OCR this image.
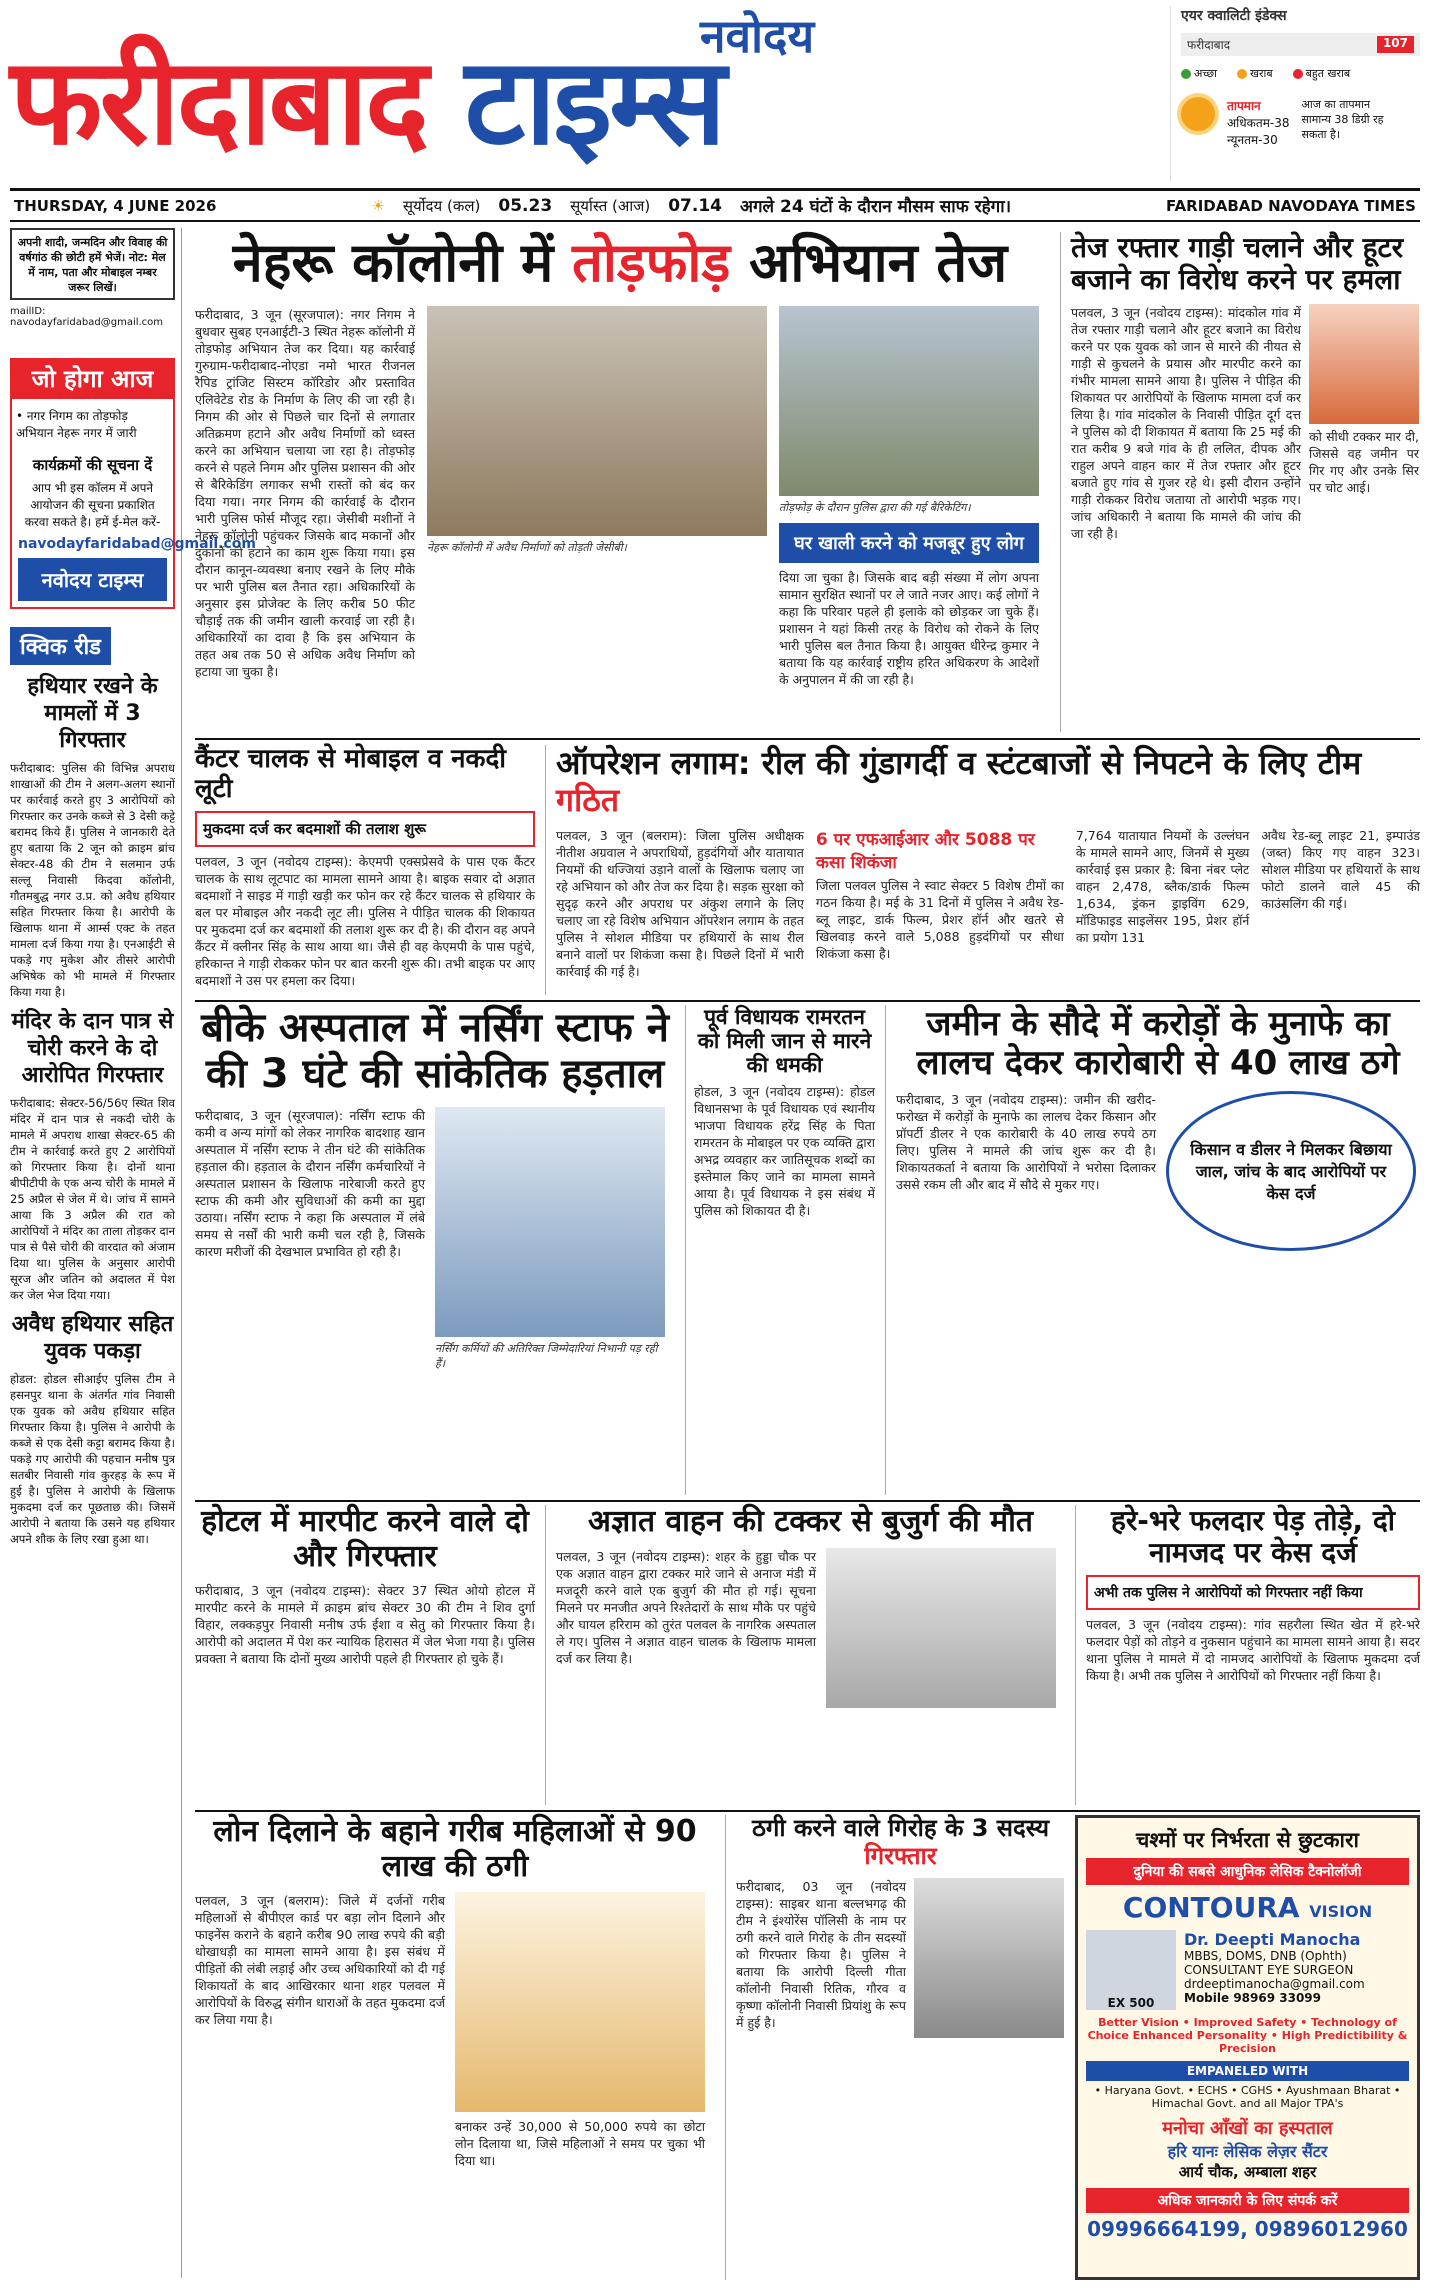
नवोदय
फरीदाबाद टाइम्स
एयर क्वालिटी इंडेक्स
फरीदाबाद	107
अच्छा	खराब	बहुत खराब
तापमान
अधिकतम-38
न्यूनतम-30
आज का तापमान सामान्य 38 डिग्री रह सकता है।
THURSDAY, 4 JUNE 2026	☀ सूर्योदय (कल) 05.23 सूर्यास्त (आज) 07.14 अगले 24 घंटों के दौरान मौसम साफ रहेगा।	FARIDABAD NAVODAYA TIMES
अपनी शादी, जन्मदिन और विवाह की वर्षगांठ की छोटी हमें भेजें। नोट: मेल में नाम, पता और मोबाइल नम्बर जरूर लिखें।
mailID: navodayfaridabad@gmail.com
जो होगा आज
• नगर निगम का तोड़फोड़ अभियान नेहरू नगर में जारी
कार्यक्रमों की सूचना दें
आप भी इस कॉलम में अपने आयोजन की सूचना प्रकाशित करवा सकते है। हमें ई-मेल करें-
navodayfaridabad@gmail.com
नवोदय टाइम्स
क्विक रीड
हथियार रखने के मामलों में 3 गिरफ्तार
फरीदाबाद: पुलिस की विभिन्न अपराध शाखाओं की टीम ने अलग-अलग स्थानों पर कार्रवाई करते हुए 3 आरोपियों को गिरफ्तार कर उनके कब्जे से 3 देसी कट्टे बरामद किये हैं। पुलिस ने जानकारी देते हुए बताया कि 2 जून को क्राइम ब्रांच सेक्टर-48 की टीम ने सलमान उर्फ सल्लू निवासी किदवा कॉलोनी, गौतमबुद्ध नगर उ.प्र. को अवैध हथियार सहित गिरफ्तार किया है। आरोपी के खिलाफ थाना में आर्म्स एक्ट के तहत मामला दर्ज किया गया है। एनआईटी से पकड़े गए मुकेश और तीसरे आरोपी अभिषेक को भी मामले में गिरफ्तार किया गया है।
मंदिर के दान पात्र से चोरी करने के दो आरोपित गिरफ्तार
फरीदाबाद: सेक्टर-56/56ए स्थित शिव मंदिर में दान पात्र से नकदी चोरी के मामले में अपराध शाखा सेक्टर-65 की टीम ने कार्रवाई करते हुए 2 आरोपियों को गिरफ्तार किया है। दोनों थाना बीपीटीपी के एक अन्य चोरी के मामले में 25 अप्रैल से जेल में थे। जांच में सामने आया कि 3 अप्रैल की रात को आरोपियों ने मंदिर का ताला तोड़कर दान पात्र से पैसे चोरी की वारदात को अंजाम दिया था। पुलिस के अनुसार आरोपी सूरज और जतिन को अदालत में पेश कर जेल भेज दिया गया।
अवैध हथियार सहित युवक पकड़ा
होडल: होडल सीआईए पुलिस टीम ने हसनपुर थाना के अंतर्गत गांव निवासी एक युवक को अवैध हथियार सहित गिरफ्तार किया है। पुलिस ने आरोपी के कब्जे से एक देसी कट्टा बरामद किया है। पकड़े गए आरोपी की पहचान मनीष पुत्र सतबीर निवासी गांव कुरहड़ के रूप में हुई है। पुलिस ने आरोपी के खिलाफ मुकदमा दर्ज कर पूछताछ की। जिसमें आरोपी ने बताया कि उसने यह हथियार अपने शौक के लिए रखा हुआ था।
नेहरू कॉलोनी में तोड़फोड़ अभियान तेज
फरीदाबाद, 3 जून (सूरजपाल): नगर निगम ने बुधवार सुबह एनआईटी-3 स्थित नेहरू कॉलोनी में तोड़फोड़ अभियान तेज कर दिया। यह कार्रवाई गुरुग्राम-फरीदाबाद-नोएडा नमो भारत रीजनल रैपिड ट्रांजिट सिस्टम कॉरिडोर और प्रस्तावित एलिवेटेड रोड के निर्माण के लिए की जा रही है। निगम की ओर से पिछले चार दिनों से लगातार अतिक्रमण हटाने और अवैध निर्माणों को ध्वस्त करने का अभियान चलाया जा रहा है। तोड़फोड़ करने से पहले निगम और पुलिस प्रशासन की ओर से बैरिकेडिंग लगाकर सभी रास्तों को बंद कर दिया गया। नगर निगम की कार्रवाई के दौरान भारी पुलिस फोर्स मौजूद रहा। जेसीबी मशीनों ने नेहरू कॉलोनी पहुंचकर जिसके बाद मकानों और दुकानों को हटाने का काम शुरू किया गया। इस दौरान कानून-व्यवस्था बनाए रखने के लिए मौके पर भारी पुलिस बल तैनात रहा। अधिकारियों के अनुसार इस प्रोजेक्ट के लिए करीब 50 फीट चौड़ाई तक की जमीन खाली करवाई जा रही है। अधिकारियों का दावा है कि इस अभियान के तहत अब तक 50 से अधिक अवैध निर्माण को हटाया जा चुका है।
नेहरू कॉलोनी में अवैध निर्माणों को तोड़ती जेसीबी।
तोड़फोड़ के दौरान पुलिस द्वारा की गई बैरिकेटिंग।
घर खाली करने को मजबूर हुए लोग
दिया जा चुका है। जिसके बाद बड़ी संख्या में लोग अपना सामान सुरक्षित स्थानों पर ले जाते नजर आए। कई लोगों ने कहा कि परिवार पहले ही इलाके को छोड़कर जा चुके हैं। प्रशासन ने यहां किसी तरह के विरोध को रोकने के लिए भारी पुलिस बल तैनात किया है। आयुक्त धीरेन्द्र कुमार ने बताया कि यह कार्रवाई राष्ट्रीय हरित अधिकरण के आदेशों के अनुपालन में की जा रही है।
तेज रफ्तार गाड़ी चलाने और हूटर बजाने का विरोध करने पर हमला
पलवल, 3 जून (नवोदय टाइम्स): मांदकोल गांव में तेज रफ्तार गाड़ी चलाने और हूटर बजाने का विरोध करने पर एक युवक को जान से मारने की नीयत से गाड़ी से कुचलने के प्रयास और मारपीट करने का गंभीर मामला सामने आया है। पुलिस ने पीड़ित की शिकायत पर आरोपियों के खिलाफ मामला दर्ज कर लिया है। गांव मांदकोल के निवासी पीड़ित दूर्ग दत्त ने पुलिस को दी शिकायत में बताया कि 25 मई की रात करीब 9 बजे गांव के ही ललित, दीपक और राहुल अपने वाहन कार में तेज रफ्तार और हूटर बजाते हुए गांव से गुजर रहे थे। इसी दौरान उन्होंने गाड़ी रोककर विरोध जताया तो आरोपी भड़क गए। जांच अधिकारी ने बताया कि मामले की जांच की जा रही है।
को सीधी टक्कर मार दी, जिससे वह जमीन पर गिर गए और उनके सिर पर चोट आई।
कैंटर चालक से मोबाइल व नकदी लूटी
मुकदमा दर्ज कर बदमाशों की तलाश शुरू
पलवल, 3 जून (नवोदय टाइम्स): केएमपी एक्सप्रेसवे के पास एक कैंटर चालक के साथ लूटपाट का मामला सामने आया है। बाइक सवार दो अज्ञात बदमाशों ने साइड में गाड़ी खड़ी कर फोन कर रहे कैंटर चालक से हथियार के बल पर मोबाइल और नकदी लूट ली। पुलिस ने पीड़ित चालक की शिकायत पर मुकदमा दर्ज कर बदमाशों की तलाश शुरू कर दी है। की दौरान वह अपने कैंटर में क्लीनर सिंह के साथ आया था। जैसे ही वह केएमपी के पास पहुंचे, हरिकान्त ने गाड़ी रोककर फोन पर बात करनी शुरू की। तभी बाइक पर आए बदमाशों ने उस पर हमला कर दिया।
ऑपरेशन लगाम: रील की गुंडागर्दी व स्टंटबाजों से निपटने के लिए टीम गठित
पलवल, 3 जून (बलराम): जिला पुलिस अधीक्षक नीतीश अग्रवाल ने अपराधियों, हुड़दंगियों और यातायात नियमों की धज्जियां उड़ाने वालों के खिलाफ चलाए जा रहे अभियान को और तेज कर दिया है। सड़क सुरक्षा को सुदृढ़ करने और अपराध पर अंकुश लगाने के लिए चलाए जा रहे विशेष अभियान ऑपरेशन लगाम के तहत पुलिस ने सोशल मीडिया पर हथियारों के साथ रील बनाने वालों पर शिकंजा कसा है। पिछले दिनों में भारी कार्रवाई की गई है।
6 पर एफआईआर और 5088 पर कसा शिकंजा
जिला पलवल पुलिस ने स्वाट सेक्टर 5 विशेष टीमों का गठन किया है। मई के 31 दिनों में पुलिस ने अवैध रेड-ब्लू लाइट, डार्क फिल्म, प्रेशर हॉर्न और खतरे से खिलवाड़ करने वाले 5,088 हुड़दंगियों पर सीधा शिकंजा कसा है।
7,764 यातायात नियमों के उल्लंघन के मामले सामने आए, जिनमें से मुख्य कार्रवाई इस प्रकार है: बिना नंबर प्लेट वाहन 2,478, ब्लैक/डार्क फिल्म 1,634, ड्रंकन ड्राइविंग 629, मॉडिफाइड साइलेंसर 195, प्रेशर हॉर्न का प्रयोग 131
अवैध रेड-ब्लू लाइट 21, इम्पाउंड (जब्त) किए गए वाहन 323। सोशल मीडिया पर हथियारों के साथ फोटो डालने वाले 45 की काउंसलिंग की गई।
बीके अस्पताल में नर्सिंग स्टाफ ने की 3 घंटे की सांकेतिक हड़ताल
फरीदाबाद, 3 जून (सूरजपाल): नर्सिंग स्टाफ की कमी व अन्य मांगों को लेकर नागरिक बादशाह खान अस्पताल में नर्सिंग स्टाफ ने तीन घंटे की सांकेतिक हड़ताल की। हड़ताल के दौरान नर्सिंग कर्मचारियों ने अस्पताल प्रशासन के खिलाफ नारेबाजी करते हुए स्टाफ की कमी और सुविधाओं की कमी का मुद्दा उठाया। नर्सिंग स्टाफ ने कहा कि अस्पताल में लंबे समय से नर्सों की भारी कमी चल रही है, जिसके कारण मरीजों की देखभाल प्रभावित हो रही है।
नर्सिंग कर्मियों की अतिरिक्त जिम्मेदारियां निभानी पड़ रही हैं।
पूर्व विधायक रामरतन को मिली जान से मारने की धमकी
होडल, 3 जून (नवोदय टाइम्स): होडल विधानसभा के पूर्व विधायक एवं स्थानीय भाजपा विधायक हरेंद्र सिंह के पिता रामरतन के मोबाइल पर एक व्यक्ति द्वारा अभद्र व्यवहार कर जातिसूचक शब्दों का इस्तेमाल किए जाने का मामला सामने आया है। पूर्व विधायक ने इस संबंध में पुलिस को शिकायत दी है।
जमीन के सौदे में करोड़ों के मुनाफे का लालच देकर कारोबारी से 40 लाख ठगे
फरीदाबाद, 3 जून (नवोदय टाइम्स): जमीन की खरीद-फरोख्त में करोड़ों के मुनाफे का लालच देकर किसान और प्रॉपर्टी डीलर ने एक कारोबारी के 40 लाख रुपये ठग लिए। पुलिस ने मामले की जांच शुरू कर दी है। शिकायतकर्ता ने बताया कि आरोपियों ने भरोसा दिलाकर उससे रकम ली और बाद में सौदे से मुकर गए।
किसान व डीलर ने मिलकर बिछाया जाल, जांच के बाद आरोपियों पर केस दर्ज
होटल में मारपीट करने वाले दो और गिरफ्तार
फरीदाबाद, 3 जून (नवोदय टाइम्स): सेक्टर 37 स्थित ओयो होटल में मारपीट करने के मामले में क्राइम ब्रांच सेक्टर 30 की टीम ने शिव दुर्गा विहार, लक्कड़पुर निवासी मनीष उर्फ ईशा व सेतु को गिरफ्तार किया है। आरोपी को अदालत में पेश कर न्यायिक हिरासत में जेल भेजा गया है। पुलिस प्रवक्ता ने बताया कि दोनों मुख्य आरोपी पहले ही गिरफ्तार हो चुके हैं।
अज्ञात वाहन की टक्कर से बुजुर्ग की मौत
पलवल, 3 जून (नवोदय टाइम्स): शहर के हुड्डा चौक पर एक अज्ञात वाहन द्वारा टक्कर मारे जाने से अनाज मंडी में मजदूरी करने वाले एक बुजुर्ग की मौत हो गई। सूचना मिलने पर मनजीत अपने रिश्तेदारों के साथ मौके पर पहुंचे और घायल हरिराम को तुरंत पलवल के नागरिक अस्पताल ले गए। पुलिस ने अज्ञात वाहन चालक के खिलाफ मामला दर्ज कर लिया है।
हरे-भरे फलदार पेड़ तोड़े, दो नामजद पर केस दर्ज
अभी तक पुलिस ने आरोपियों को गिरफ्तार नहीं किया
पलवल, 3 जून (नवोदय टाइम्स): गांव सहरौला स्थित खेत में हरे-भरे फलदार पेड़ों को तोड़ने व नुकसान पहुंचाने का मामला सामने आया है। सदर थाना पुलिस ने मामले में दो नामजद आरोपियों के खिलाफ मुकदमा दर्ज किया है। अभी तक पुलिस ने आरोपियों को गिरफ्तार नहीं किया है।
लोन दिलाने के बहाने गरीब महिलाओं से 90 लाख की ठगी
पलवल, 3 जून (बलराम): जिले में दर्जनों गरीब महिलाओं से बीपीएल कार्ड पर बड़ा लोन दिलाने और फाइनेंस कराने के बहाने करीब 90 लाख रुपये की बड़ी धोखाधड़ी का मामला सामने आया है। इस संबंध में पीड़ितों की लंबी लड़ाई और उच्च अधिकारियों को दी गई शिकायतों के बाद आखिरकार थाना शहर पलवल में आरोपियों के विरुद्ध संगीन धाराओं के तहत मुकदमा दर्ज कर लिया गया है।
बनाकर उन्हें 30,000 से 50,000 रुपये का छोटा लोन दिलाया था, जिसे महिलाओं ने समय पर चुका भी दिया था।
ठगी करने वाले गिरोह के 3 सदस्य गिरफ्तार
फरीदाबाद, 03 जून (नवोदय टाइम्स): साइबर थाना बल्लभगढ़ की टीम ने इंश्योरेंस पॉलिसी के नाम पर ठगी करने वाले गिरोह के तीन सदस्यों को गिरफ्तार किया है। पुलिस ने बताया कि आरोपी दिल्ली गीता कॉलोनी निवासी रितिक, गौरव व कृष्णा कॉलोनी निवासी प्रियांशु के रूप में हुई है।
चश्मों पर निर्भरता से छुटकारा
दुनिया की सबसे आधुनिक लेसिक टैक्नोलॉजी
CONTOURA VISION
EX 500
Dr. Deepti Manocha
MBBS, DOMS, DNB (Ophth)
CONSULTANT EYE SURGEON
drdeeptimanocha@gmail.com
Mobile 98969 33099
Better Vision • Improved Safety • Technology of Choice Enhanced Personality • High Predictibility & Precision
EMPANELED WITH
• Haryana Govt. • ECHS • CGHS • Ayushmaan Bharat • Himachal Govt. and all Major TPA's
मनोचा आँखों का हस्पताल
हरि यानः लेसिक लेज़र सैंटर
आर्य चौक, अम्बाला शहर
अधिक जानकारी के लिए संपर्क करें
09996664199, 09896012960
